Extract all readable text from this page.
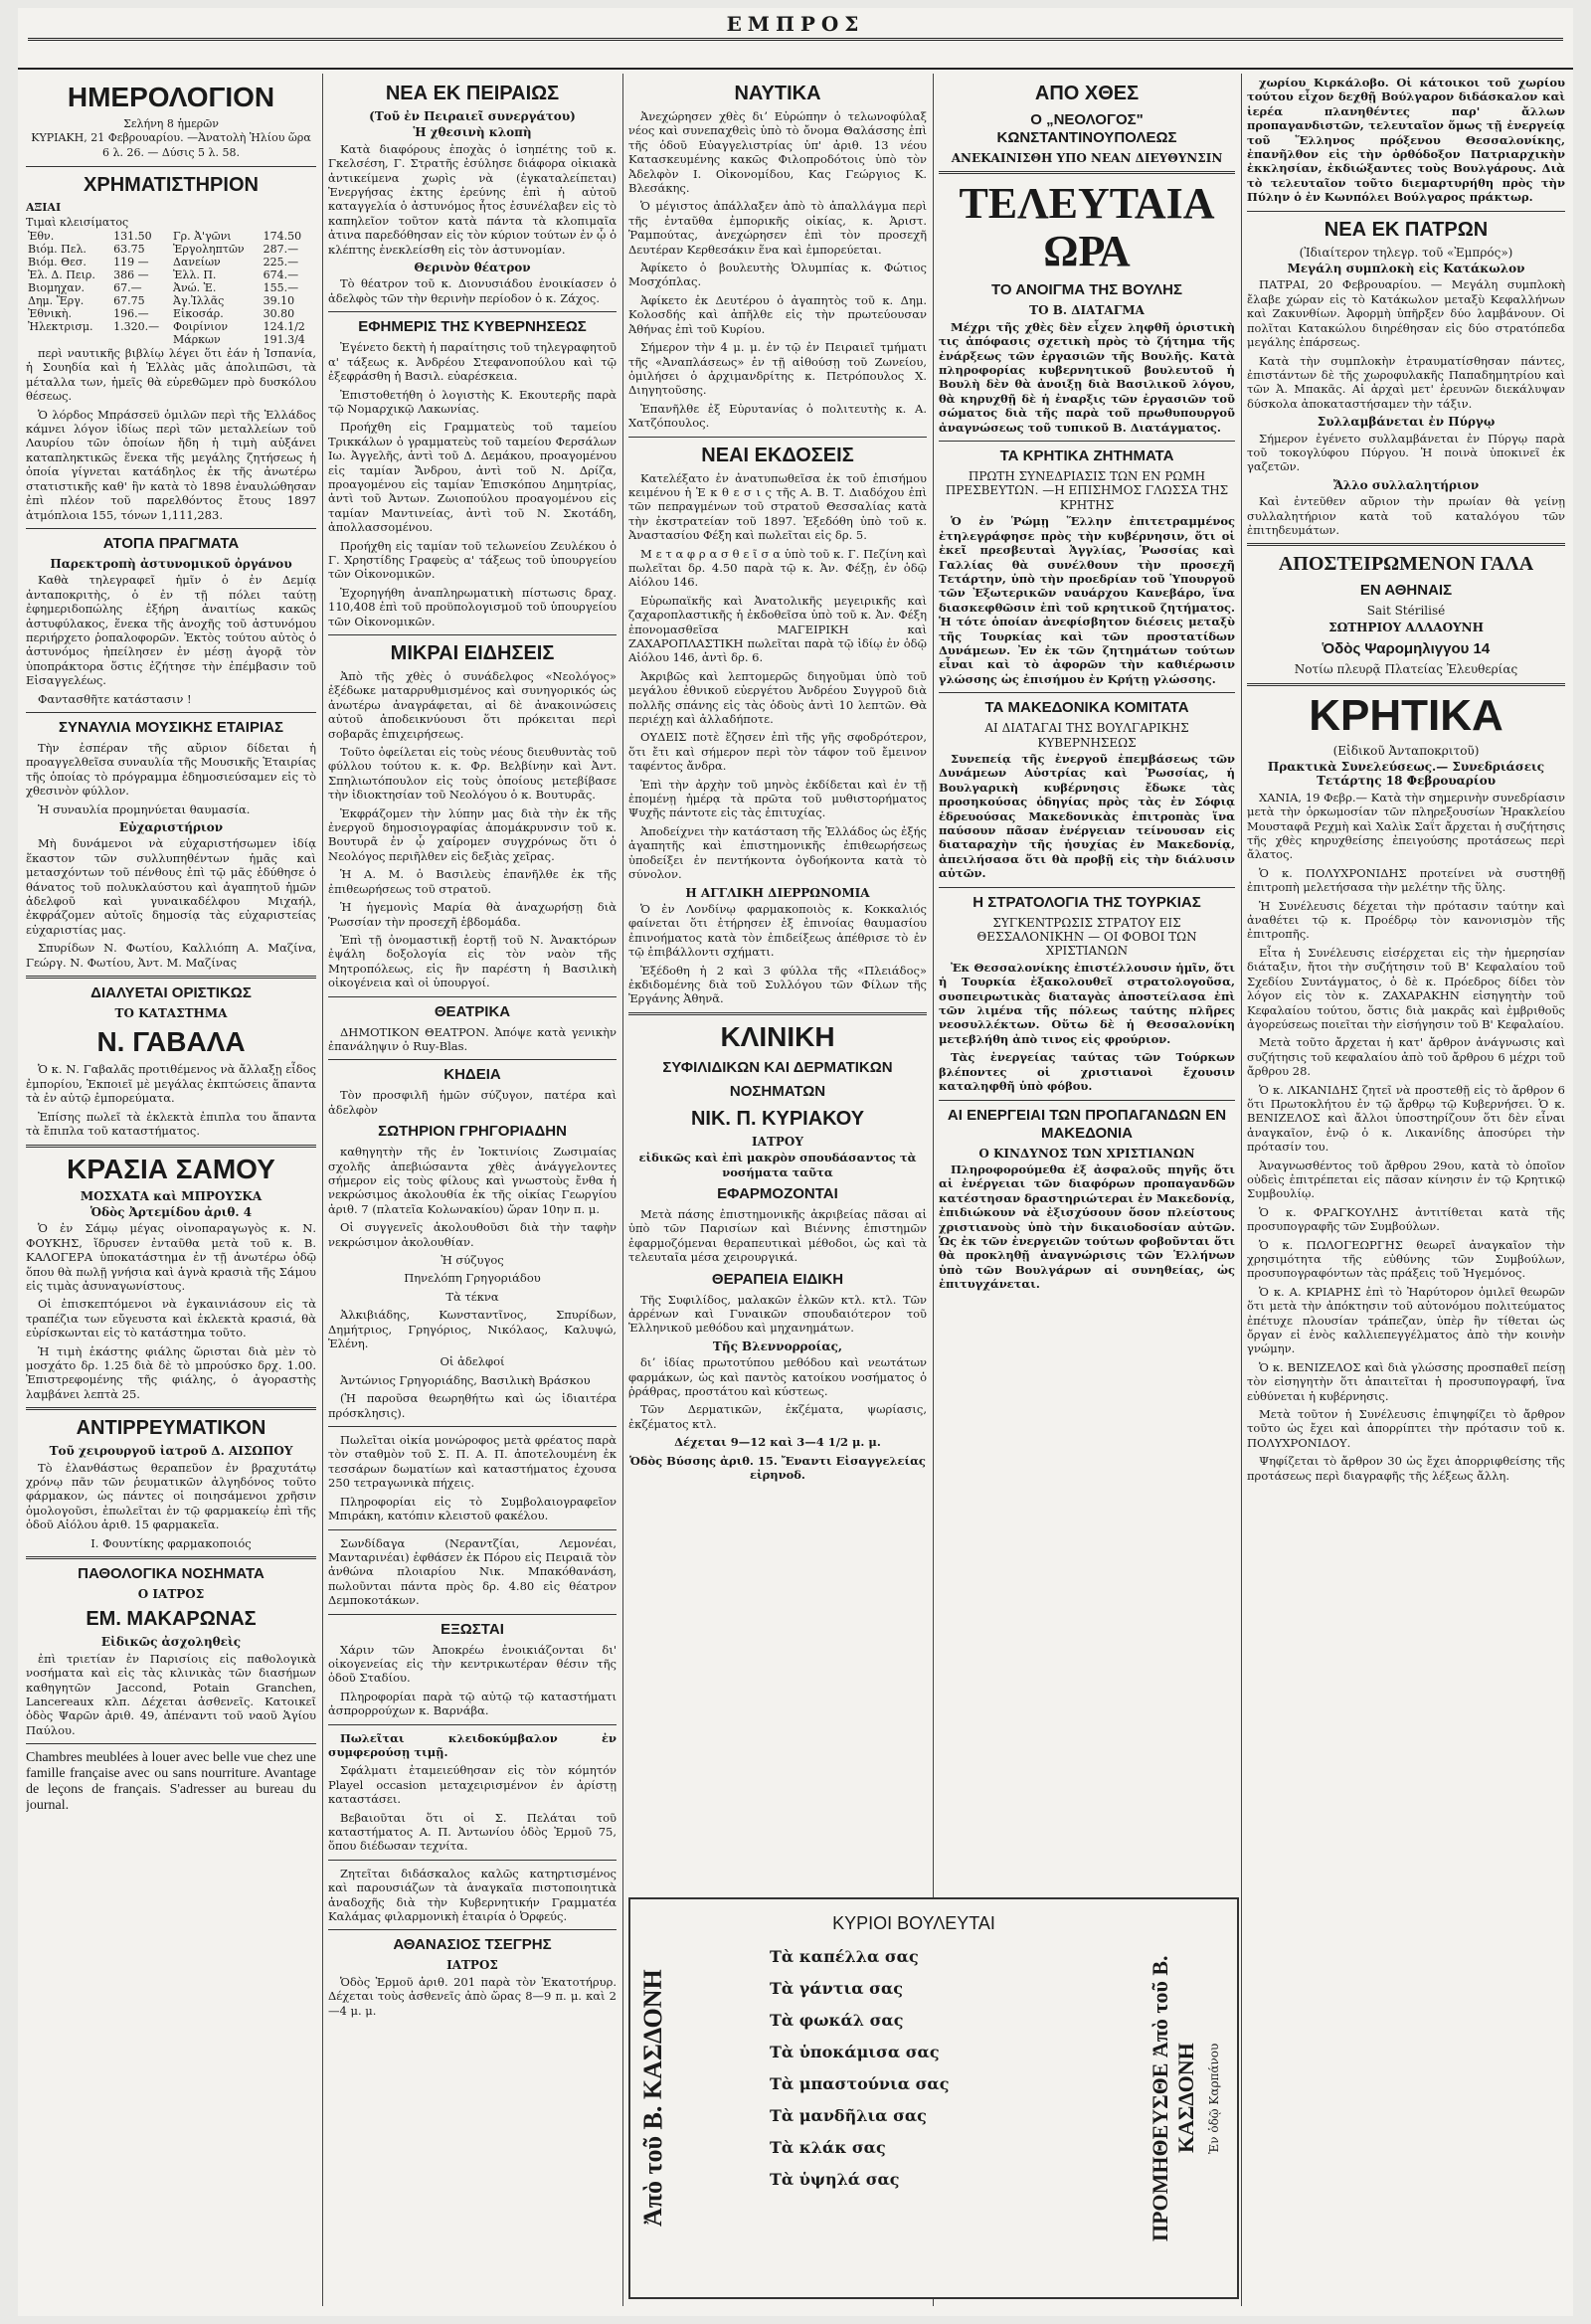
ΕΜΠΡΟΣ
ΗΜΕΡΟΛΟΓΙΟΝ
Σελήνη 8 ἡμερῶν
ΚΥΡΙΑΚΗ, 21 Φεβρουαρίου. —Ἀνατολὴ Ἡλίου ὥρα 6 λ. 26. — Δύσις 5 λ. 58.
ΧΡΗΜΑΤΙΣΤΗΡΙΟΝ
ΑΞΙΑΙ
Τιμαὶ κλεισίματος
Ἐθν.	131.50	Γρ. Ἀ'γῶνι	174.50
Βιόμ. Πελ.	63.75	Ἐργοληπτῶν	287.—
Βιόμ. Θεσ.	119 —	Δανείων	225.—
Ἐλ. Δ. Πειρ.	386 —	Ἐλλ. Π.	674.—
Βιομηχαν.	67.—	Ἀνώ. Ἑ.	155.—
Δημ. Ἔργ.	67.75	Ἀγ.Ἰλλᾶς	39.10
Ἐθνικὴ.	196.—	Εἰκοσάρ.	30.80
Ἠλεκτρισμ.	1.320.—	Φοιρίνιον	124.1/2
		Μάρκων	191.3/4

περὶ ναυτικῆς βιβλίῳ λέγει ὅτι ἐάν ἡ Ἰσπανία, ἡ Σουηδία καὶ ἡ Ἑλλὰς μᾶς ἀπολιπῶσι, τὰ μέταλλα των, ἡμεῖς θὰ εὑρεθῶμεν πρὸ δυσκόλου θέσεως.

Ὁ λόρδος Μπράσσεϋ ὁμιλῶν περὶ τῆς Ἑλλάδος κάμνει λόγον ἰδίως περὶ τῶν μεταλλείων τοῦ Λαυρίου τῶν ὁποίων ἤδη ἡ τιμὴ αὐξάνει καταπληκτικῶς ἕνεκα τῆς μεγάλης ζητήσεως ἡ ὁποία γίγνεται κατάδηλος ἐκ τῆς ἀνωτέρω στατιστικῆς καθ' ἣν κατὰ τὸ 1898 ἐναυλώθησαν ἐπὶ πλέον τοῦ παρελθόντος ἔτους 1897 ἀτμόπλοια 155, τόνων 1,111,283.

ΑΤΟΠΑ ΠΡΑΓΜΑΤΑ
Παρεκτροπὴ ἀστυνομικοῦ ὀργάνου

Καθὰ τηλεγραφεῖ ἡμῖν ὁ ἐν Δεμίᾳ ἀνταποκριτὴς, ὁ ἐν τῇ πόλει ταύτῃ ἐφημεριδοπώλης ἐξήρη ἀναιτίως κακῶς ἀστυφύλακος, ἕνεκα τῆς ἀνοχῆς τοῦ ἀστυνόμου περιήρχετο ῥοπαλοφορῶν. Ἐκτὸς τούτου αὐτὸς ὁ ἀστυνόμος ἠπείλησεν ἐν μέσῃ ἀγορᾷ τὸν ὑποπράκτορα ὅστις ἐζήτησε τὴν ἐπέμβασιν τοῦ Εἰσαγγελέως.

Φαντασθῆτε κατάστασιν !

ΣΥΝΑΥΛΙΑ ΜΟΥΣΙΚΗΣ ΕΤΑΙΡΙΑΣ

Τὴν ἑσπέραν τῆς αὔριον δίδεται ἡ προαγγελθεῖσα συναυλία τῆς Μουσικῆς Ἑταιρίας τῆς ὁποίας τὸ πρόγραμμα ἐδημοσιεύσαμεν εἰς τὸ χθεσινὸν φύλλον.

Ἡ συναυλία προμηνύεται θαυμασία.

Εὐχαριστήριον

Μὴ δυνάμενοι νὰ εὐχαριστήσωμεν ἰδίᾳ ἕκαστον τῶν συλλυπηθέντων ἡμᾶς καὶ μετασχόντων τοῦ πένθους ἐπὶ τῷ μᾶς ἐδύθησε ὁ θάνατος τοῦ πολυκλαύστου καὶ ἀγαπητοῦ ἡμῶν ἀδελφοῦ καὶ γυναικαδέλφου Μιχαήλ, ἐκφράζομεν αὐτοῖς δημοσίᾳ τὰς εὐχαριστείας εὐχαριστίας μας.

Σπυρίδων Ν. Φωτίου, Καλλιόπη Α. Μαζίνα, Γεώργ. Ν. Φωτίου, Ἀντ. Μ. Μαζίνας

ΔΙΑΛΥΕΤΑΙ ΟΡΙΣΤΙΚΩΣ
ΤΟ ΚΑΤΑΣΤΗΜΑ
Ν. ΓΑΒΑΛΑ

Ὁ κ. Ν. Γαβαλᾶς προτιθέμενος νὰ ἄλλαξῃ εἶδος ἐμπορίου, Ἐκποιεῖ μὲ μεγάλας ἐκπτώσεις ἅπαντα τὰ ἐν αὐτῷ ἐμπορεύματα.

Ἐπίσης πωλεῖ τὰ ἐκλεκτὰ ἐπιπλα του ἅπαντα τὰ ἔπιπλα τοῦ καταστήματος.

ΚΡΑΣΙΑ ΣΑΜΟΥ
ΜΟΣΧΑΤΑ καὶ ΜΠΡΟΥΣΚΑ
Ὁδὸς Ἀρτεμίδου ἀριθ. 4

Ὁ ἐν Σάμῳ μέγας οἰνοπαραγωγὸς κ. Ν. ΦΟΥΚΗΣ, ἵδρυσεν ἐνταῦθα μετὰ τοῦ κ. Β. ΚΑΛΟΓΕΡΑ ὑποκατάστημα ἐν τῇ ἀνωτέρω ὁδῷ ὅπου θὰ πωλῇ γνήσια καὶ ἁγνὰ κρασιὰ τῆς Σάμου εἰς τιμὰς ἀσυναγωνίστους.

Οἱ ἐπισκεπτόμενοι νὰ ἐγκαινιάσουν εἰς τὰ τραπέζια των εὔγευστα καὶ ἐκλεκτὰ κρασιά, θὰ εὑρίσκωνται εἰς τὸ κατάστημα τοῦτο.

Ἡ τιμὴ ἑκάστης φιάλης ὥρισται διὰ μὲν τὸ μοσχάτο δρ. 1.25 διὰ δὲ τὸ μπρούσκο δρχ. 1.00. Ἐπιστρεφομένης τῆς φιάλης, ὁ ἀγοραστὴς λαμβάνει λεπτὰ 25.

ΑΝΤΙΡΡΕΥΜΑΤΙΚΟΝ
Τοῦ χειρουργοῦ ἰατροῦ Δ. ΑΙΣΩΠΟΥ

Τὸ ἐλανθάστως θεραπεῦον ἐν βραχυτάτῳ χρόνῳ πᾶν τῶν ῥευματικῶν ἀλγηδόνος τοῦτο φάρμακον, ὡς πάντες οἱ ποιησάμενοι χρῆσιν ὁμολογοῦσι, ἐπωλεῖται ἐν τῷ φαρμακείῳ ἐπὶ τῆς ὁδοῦ Αἰόλου ἀριθ. 15 φαρμακεῖα.

Ι. Φουντίκης φαρμακοποιός

ΠΑΘΟΛΟΓΙΚΑ ΝΟΣΗΜΑΤΑ
Ο ΙΑΤΡΟΣ
ΕΜ. ΜΑΚΑΡΩΝΑΣ
Εἰδικῶς ἀσχοληθεὶς

ἐπὶ τριετίαν ἐν Παρισίοις εἰς παθολογικὰ νοσήματα καὶ εἰς τὰς κλινικὰς τῶν διασήμων καθηγητῶν Jaccond, Potain Granchen, Lancereaux κλπ. Δέχεται ἀσθενεῖς. Κατοικεῖ ὁδὸς Ψαρῶν ἀριθ. 49, ἀπέναντι τοῦ ναοῦ Ἁγίου Παύλου.

Chambres meublées à louer avec belle vue chez une famille française avec ou sans nourriture. Avantage de leçons de français. S'adresser au bureau du journal.

ΝΕΑ ΕΚ ΠΕΙΡΑΙΩΣ
(Τοῦ ἐν Πειραιεῖ συνεργάτου)
Ἡ χθεσινὴ κλοπὴ

Κατὰ διαφόρους ἐποχὰς ὁ ἰσηπέτης τοῦ κ. Γκελσέση, Γ. Στρατῆς ἐσύλησε διάφορα οἰκιακὰ ἀντικείμενα χωρὶς νὰ (ἐγκαταλείπεται) Ἐνεργήσας ἐκτης ἐρεύνης ἐπὶ ἡ αὐτοῦ καταγγελία ὁ ἀστυνόμος ἦτος ἐσυνέλαβεν εἰς τὸ καπηλεῖον τοῦτον κατὰ πάντα τὰ κλοπιμαῖα ἀτινα παρεδόθησαν εἰς τὸν κύριον τούτων ἐν ᾧ ὁ κλέπτης ἐνεκλείσθη εἰς τὸν ἀστυνομίαν.

Θερινὸν θέατρον

Τὸ θέατρον τοῦ κ. Διονυσιάδου ἐνοικίασεν ὁ ἀδελφὸς τῶν τὴν θερινὴν περίοδον ὁ κ. Ζάχος.

ΕΦΗΜΕΡΙΣ ΤΗΣ ΚΥΒΕΡΝΗΣΕΩΣ

Ἐγένετο δεκτὴ ἡ παραίτησις τοῦ τηλεγραφητοῦ α' τάξεως κ. Ἀνδρέου Στεφανοπούλου καὶ τῷ ἐξεφράσθη ἡ Βασιλ. εὐαρέσκεια.

Ἐπιστοθετήθη ὁ λογιστὴς Κ. Εκουτερῆς παρὰ τῷ Νομαρχικῷ Λακωνίας.

Προήχθη εἰς Γραμματεὺς τοῦ ταμείου Τρικκάλων ὁ γραμματεὺς τοῦ ταμείου Φερσάλων Ιω. Ἀγγελῆς, ἀντὶ τοῦ Δ. Δεμάκου, προαγομένου εἰς ταμίαν Ἄνδρου, ἀντὶ τοῦ Ν. Δρίζα, προαγομένου εἰς ταμίαν Ἐπισκόπου Δημητρίας, ἀντὶ τοῦ Ἀντων. Ζωιοπούλου προαγομένου εἰς ταμίαν Μαντινείας, ἀντὶ τοῦ Ν. Σκοτάδη, ἀπολλασσομένου.

Προήχθη εἰς ταμίαν τοῦ τελωνείου Ζευλέκου ὁ Γ. Χρηστίδης Γραφεὺς α' τάξεως τοῦ ὑπουργείου τῶν Οἰκονομικῶν.

Ἐχορηγήθη ἀναπληρωματικὴ πίστωσις δραχ. 110,408 ἐπὶ τοῦ προϋπολογισμοῦ τοῦ ὑπουργείου τῶν Οἰκονομικῶν.

ΜΙΚΡΑΙ ΕΙΔΗΣΕΙΣ

Ἀπὸ τῆς χθὲς ὁ συνάδελφος «Νεολόγος» ἐξέδωκε ματαρρυθμισμένος καὶ συνηγορικός ὡς ἀνωτέρω ἀναγράφεται, αἱ δὲ ἀνακοινώσεις αὐτοῦ ἀποδεικνύουσι ὅτι πρόκειται περὶ σοβαρᾶς ἐπιχειρήσεως.

Τοῦτο ὀφείλεται εἰς τοὺς νέους διευθυντὰς τοῦ φύλλου τούτου κ. κ. Φρ. Βελβίνην καὶ Ἀντ. Σπηλιωτόπουλον εἰς τοὺς ὁποίους μετεβίβασε τὴν ἰδιοκτησίαν τοῦ Νεολόγου ὁ κ. Βουτυρᾶς.

Ἐκφράζομεν τὴν λύπην μας διὰ τὴν ἐκ τῆς ἐνεργοῦ δημοσιογραφίας ἀπομάκρυνσιν τοῦ κ. Βουτυρᾶ ἐν ᾧ χαίρομεν συγχρόνως ὅτι ὁ Νεολόγος περιῆλθεν εἰς δεξιὰς χεῖρας.

Ἡ Α. Μ. ὁ Βασιλεὺς ἐπανῆλθε ἐκ τῆς ἐπιθεωρήσεως τοῦ στρατοῦ.

Ἡ ἡγεμονὶς Μαρία θὰ ἀναχωρήσῃ διὰ Ῥωσσίαν τὴν προσεχῆ ἑβδομάδα.

Ἐπὶ τῇ ὀνομαστικῇ ἑορτῇ τοῦ Ν. Ἀνακτόρων ἐψάλη δοξολογία εἰς τὸν ναὸν τῆς Μητροπόλεως, εἰς ἣν παρέστη ἡ Βασιλικὴ οἰκογένεια καὶ οἱ ὑπουργοί.

ΘΕΑΤΡΙΚΑ

ΔΗΜΟΤΙΚΟΝ ΘΕΑΤΡΟΝ. Ἀπόψε κατὰ γενικὴν ἐπανάληψιν ὁ Ruy-Blas.

ΚΗΔΕΙΑ

Τὸν προσφιλῆ ἡμῶν σύζυγον, πατέρα καὶ ἀδελφὸν

ΣΩΤΗΡΙΟΝ ΓΡΗΓΟΡΙΑΔΗΝ

καθηγητὴν τῆς ἐν Ἰοκτινίοις Ζωσιμαίας σχολῆς ἀπεβιώσαντα χθὲς ἀνάγγελοντες σήμερον εἰς τοὺς φίλους καὶ γνωστοὺς ἔνθα ἡ νεκρώσιμος ἀκολουθία ἐκ τῆς οἰκίας Γεωργίου ἀριθ. 7 (πλατεῖα Κολωνακίου) ὥραν 10ην π. μ.

Οἱ συγγενεῖς ἀκολουθοῦσι διὰ τὴν ταφὴν νεκρώσιμον ἀκολουθίαν.

Ἡ σύζυγος

Πηνελόπη Γρηγοριάδου

Τὰ τέκνα

Ἀλκιβιάδης, Κωνσταντῖνος, Σπυρίδων, Δημήτριος, Γρηγόριος, Νικόλαος, Καλυψώ, Ἑλένη.

Οἱ ἀδελφοί

Ἀντώνιος Γρηγοριάδης, Βασιλικὴ Βράσκου

(Ἡ παροῦσα θεωρηθήτω καὶ ὡς ἰδιαιτέρα πρόσκλησις).

Πωλεῖται οἰκία μονώροφος μετὰ φρέατος παρὰ τὸν σταθμὸν τοῦ Σ. Π. Α. Π. ἀποτελουμένη ἐκ τεσσάρων δωματίων καὶ καταστήματος ἐχουσα 250 τετραγωνικὰ πήχεις.

Πληροφορίαι εἰς τὸ Συμβολαιογραφεῖον Μπιράκη, κατόπιν κλειστοῦ φακέλου.

Σωνδίδαγα (Νεραντζίαι, Λεμονέαι, Μανταρινέαι) ἐφθάσεν ἐκ Πόρου εἰς Πειραιᾶ τὸν ἀνθώνα πλοιαρίου Νικ. Μπακόθανάση, πωλοῦνται πάντα πρὸς δρ. 4.80 εἰς θέατρον Δεμποκοτάκων.

ΕΞΩΣΤΑΙ

Χάριν τῶν Ἀποκρέω ἐνοικιάζονται δι' οἰκογενείας εἰς τὴν κεντρικωτέραν θέσιν τῆς ὁδοῦ Σταδίου.

Πληροφορίαι παρὰ τῷ αὐτῷ τῷ καταστήματι ἀσπρορρούχων κ. Βαρνάβα.

Πωλεῖται κλειδοκύμβαλον ἐν συμφερούσῃ τιμῇ.

Σφάλματι ἐταμειεύθησαν εἰς τὸν κόμητόν Playel occasion μεταχειρισμένον ἐν ἀρίστῃ καταστάσει.

Βεβαιοῦται ὅτι οἱ Σ. Πελάται τοῦ καταστήματος Α. Π. Ἀντωνίου ὁδὸς Ἑρμοῦ 75, ὅπου διέδωσαν τεχνίτα.

Ζητεῖται διδάσκαλος καλῶς κατηρτισμένος καὶ παρουσιάζων τὰ ἀναγκαῖα πιστοποιητικὰ ἀναδοχῆς διὰ τὴν Κυβερνητικήν Γραμματέα Καλάμας φιλαρμονικὴ ἑταιρία ὁ Ὀρφεύς.

ΑΘΑΝΑΣΙΟΣ ΤΣΕΓΡΗΣ
ΙΑΤΡΟΣ

Ὁδὸς Ἑρμοῦ ἀριθ. 201 παρὰ τὸν Ἑκατοτήρυρ. Δέχεται τοὺς ἀσθενεῖς ἀπὸ ὥρας 8—9 π. μ. καὶ 2—4 μ. μ.

ΝΑΥΤΙΚΑ

Ἀνεχώρησεν χθὲς διʼ Εὐρώπην ὁ τελωνοφύλαξ νέος καὶ συνεπαχθεὶς ὑπὸ τὸ ὄνομα Θαλάσσης ἐπὶ τῆς ὁδοῦ Εὐαγγελιστρίας ὑπ' ἀριθ. 13 νέου Κατασκευμένης κακῶς Φιλοπροδότοις ὑπὸ τὸν Ἀδελφὸν Ι. Οἰκονομίδου, Κας Γεώργιος Κ. Βλεσάκης.

Ὁ μέγιστος ἀπάλλαξεν ἀπὸ τὸ ἀπαλλάγμα περὶ τῆς ἐνταῦθα ἐμπορικῆς οἰκίας, κ. Ἀριστ. Ῥαμπούτας, ἀνεχώρησεν ἐπὶ τὸν προσεχῆ Δευτέραν Κερθεσάκιν ἕνα καὶ ἐμπορεύεται.

Ἀφίκετο ὁ βουλευτὴς Ὀλυμπίας κ. Φώτιος Μοσχόπλας.

Ἀφίκετο ἐκ Δευτέρου ὁ ἀγαπητὸς τοῦ κ. Δημ. Κολοσδής καὶ ἀπῆλθε εἰς τὴν πρωτεύουσαν Ἀθήνας ἐπὶ τοῦ Κυρίου.

Σήμερον τὴν 4 μ. μ. ἐν τῷ ἐν Πειραιεῖ τμήματι τῆς «Ἀναπλάσεως» ἐν τῇ αἰθούσῃ τοῦ Ζωνείου, ὁμιλήσει ὁ ἀρχιμανδρίτης κ. Πετρόπουλος Χ. Διηγητοῦσης.

Ἐπανῆλθε ἐξ Εὐρυτανίας ὁ πολιτευτὴς κ. Α. Χατζόπουλος.

ΝΕΑΙ ΕΚΔΟΣΕΙΣ

Κατελέξατο ἐν ἀνατυπωθεῖσα ἐκ τοῦ ἐπισήμου κειμένου ἡ Ἑ κ θ ε σ ι ς τῆς Α. Β. Τ. Διαδόχου ἐπὶ τῶν πεπραγμένων τοῦ στρατοῦ Θεσσαλίας κατὰ τὴν ἐκστρατείαν τοῦ 1897. Ἐξεδόθη ὑπὸ τοῦ κ. Ἀναστασίου Φέξη καὶ πωλεῖται εἰς δρ. 5.

Μ ε τ α φ ρ α σ θ ε ῖ σ α ὑπὸ τοῦ κ. Γ. Πεζίνη καὶ πωλεῖται δρ. 4.50 παρὰ τῷ κ. Ἀν. Φέξῃ, ἐν ὁδῷ Αἰόλου 146.

Εὑρωπαϊκῆς καὶ Ἀνατολικῆς μεγειρικῆς καὶ ζαχαροπλαστικῆς ἡ ἐκδοθεῖσα ὑπὸ τοῦ κ. Ἀν. Φέξη ἐπονομασθεῖσα ΜΑΓΕΙΡΙΚΗ καὶ ΖΑΧΑΡΟΠΛΑΣΤΙΚΗ πωλεῖται παρὰ τῷ ἰδίῳ ἐν ὁδῷ Αἰόλου 146, ἀντὶ δρ. 6.

Ἀκριβῶς καὶ λεπτομερῶς διηγοῦμαι ὑπὸ τοῦ μεγάλου ἐθνικοῦ εὐεργέτου Ἀνδρέου Συγγροῦ διὰ πολλῆς σπάνης εἰς τὰς ὁδοὺς ἀντὶ 10 λεπτῶν. Θὰ περιέχῃ καὶ ἀλλαδήποτε.

ΟΥΔΕΙΣ ποτὲ ἔζησεν ἐπὶ τῆς γῆς σφοδρότερον, ὅτι ἔτι καὶ σήμερον περὶ τὸν τάφον τοῦ ἔμεινον ταφέντος ἄνδρα.

Ἐπὶ τὴν ἀρχὴν τοῦ μηνὸς ἐκδίδεται καὶ ἐν τῇ ἐπομένῃ ἡμέρᾳ τὰ πρῶτα τοῦ μυθιστορήματος Ψυχῆς πάντοτε εἰς τὰς ἐπιτυχίας.

Ἀποδείχνει τὴν κατάσταση τῆς Ἑλλάδος ὡς ἐξής ἀγαπητῆς καὶ ἐπιστημονικῆς ἐπιθεωρήσεως ὑποδείξει ἐν πεντήκοντα ὀγδοήκοντα κατὰ τὸ σύνολον.

Η ΑΓΓΛΙΚΗ ΔΙΕΡΡΩΝΟΜΙΑ

Ὁ ἐν Λονδίνῳ φαρμακοποιὸς κ. Κοκκαλιός φαίνεται ὅτι ἐτήρησεν ἐξ ἐπινοίας θαυμασίου ἐπινοήματος κατὰ τὸν ἐπιδείξεως ἀπέθρισε τὸ ἐν τῷ ἐπιβάλλοντι σχήματι.

Ἐξέδοθη ἡ 2 καὶ 3 φύλλα τῆς «Πλειάδος» ἐκδιδομένης διὰ τοῦ Συλλόγου τῶν Φίλων τῆς Ἐργάνης Ἀθηνᾶ.

ΚΛΙΝΙΚΗ
ΣΥΦΙΛΙΔΙΚΩΝ ΚΑΙ ΔΕΡΜΑΤΙΚΩΝ
ΝΟΣΗΜΑΤΩΝ
ΝΙΚ. Π. ΚΥΡΙΑΚΟΥ
ΙΑΤΡΟΥ

εἰδικῶς καὶ ἐπὶ μακρὸν σπουδάσαντος τὰ νοσήματα ταῦτα

ΕΦΑΡΜΟΖΟΝΤΑΙ

Μετὰ πάσης ἐπιστημονικῆς ἀκριβείας πᾶσαι αἱ ὑπὸ τῶν Παρισίων καὶ Βιέννης ἐπιστημῶν ἐφαρμοζόμεναι θεραπευτικαὶ μέθοδοι, ὡς καὶ τὰ τελευταῖα μέσα χειρουργικά.

ΘΕΡΑΠΕΙΑ ΕΙΔΙΚΗ

Τῆς Συφιλίδος, μαλακῶν ἑλκῶν κτλ. κτλ. Τῶν ἀρρένων καὶ Γυναικῶν σπουδαιότερον τοῦ Ἑλληνικοῦ μεθόδου καὶ μηχανημάτων.

Τῆς Βλεννορροίας,

διʼ ἰδίας πρωτοτύπου μεθόδου καὶ νεωτάτων φαρμάκων, ὡς καὶ παντὸς κατοίκου νοσήματος ὁ ῥράθρας, προστάτου καὶ κύστεως.

Τῶν Δερματικῶν, ἐκζέματα, ψωρίασις, ἐκζέματος κτλ.

Δέχεται 9—12 καὶ 3—4 1/2 μ. μ.

Ὁδὸς Βύσσης ἀριθ. 15. Ἔναντι Εἰσαγγελείας εἰρηνοδ.

ΑΠΟ ΧΘΕΣ
Ο „ΝΕΟΛΟΓΟΣ" ΚΩΝΣΤΑΝΤΙΝΟΥΠΟΛΕΩΣ
ΑΝΕΚΑΙΝΙΣΘΗ ΥΠΟ ΝΕΑΝ ΔΙΕΥΘΥΝΣΙΝ
ΤΕΛΕΥΤΑΙΑ ΩΡΑ
ΤΟ ΑΝΟΙΓΜΑ ΤΗΣ ΒΟΥΛΗΣ
ΤΟ Β. ΔΙΑΤΑΓΜΑ

Μέχρι τῆς χθὲς δὲν εἶχεν ληφθῆ ὁριστικὴ τις ἀπόφασις σχετικὴ πρὸς τὸ ζήτημα τῆς ἐνάρξεως τῶν ἐργασιῶν τῆς Βουλῆς. Κατὰ πληροφορίας κυβερνητικοῦ βουλευτοῦ ἡ Βουλὴ δὲν θὰ ἀνοιξῃ διὰ Βασιλικοῦ λόγου, θὰ κηρυχθῇ δὲ ἡ ἐναρξις τῶν ἐργασιῶν τοῦ σώματος διὰ τῆς παρὰ τοῦ πρωθυπουργοῦ ἀναγνώσεως τοῦ τυπικοῦ Β. Διατάγματος.

ΤΑ ΚΡΗΤΙΚΑ ΖΗΤΗΜΑΤΑ
ΠΡΩΤΗ ΣΥΝΕΔΡΙΑΣΙΣ ΤΩΝ ΕΝ ΡΩΜΗ ΠΡΕΣΒΕΥΤΩΝ. —Η ΕΠΙΣΗΜΟΣ ΓΛΩΣΣΑ ΤΗΣ ΚΡΗΤΗΣ

Ὁ ἐν Ῥώμῃ Ἕλλην ἐπιτετραμμένος ἐτηλεγράφησε πρὸς τὴν κυβέρνησιν, ὅτι οἱ ἐκεῖ πρεσβευταὶ Ἀγγλίας, Ῥωσσίας καὶ Γαλλίας θὰ συνέλθουν τὴν προσεχῆ Τετάρτην, ὑπὸ τὴν προεδρίαν τοῦ Ὑπουργοῦ τῶν Ἐξωτερικῶν ναυάρχου Κανεβάρο, ἵνα διασκεφθῶσιν ἐπὶ τοῦ κρητικοῦ ζητήματος. Ἡ τότε ὁποίαν ἀνεφίσβητον διέσεις μεταξὺ τῆς Τουρκίας καὶ τῶν προστατίδων Δυνάμεων. Ἐν ἐκ τῶν ζητημάτων τούτων εἶναι καὶ τὸ ἀφορῶν τὴν καθιέρωσιν γλώσσης ὡς ἐπισήμου ἐν Κρήτῃ γλώσσης.

ΤΑ ΜΑΚΕΔΟΝΙΚΑ ΚΟΜΙΤΑΤΑ
ΑΙ ΔΙΑΤΑΓΑΙ ΤΗΣ ΒΟΥΛΓΑΡΙΚΗΣ ΚΥΒΕΡΝΗΣΕΩΣ

Συνεπείᾳ τῆς ἐνεργοῦ ἐπεμβάσεως τῶν Δυνάμεων Αὐστρίας καὶ Ῥωσσίας, ἡ Βουλγαρικὴ κυβέρνησις ἔδωκε τὰς προσηκούσας ὁδηγίας πρὸς τὰς ἐν Σόφιᾳ ἑδρευούσας Μακεδονικὰς ἐπιτροπὰς ἵνα παύσουν πᾶσαν ἐνέργειαν τείνουσαν εἰς διαταραχὴν τῆς ἡσυχίας ἐν Μακεδονίᾳ, ἀπειλήσασα ὅτι θὰ προβῇ εἰς τὴν διάλυσιν αὐτῶν.

Η ΣΤΡΑΤΟΛΟΓΙΑ ΤΗΣ ΤΟΥΡΚΙΑΣ
ΣΥΓΚΕΝΤΡΩΣΙΣ ΣΤΡΑΤΟΥ ΕΙΣ ΘΕΣΣΑΛΟΝΙΚΗΝ — ΟΙ ΦΟΒΟΙ ΤΩΝ ΧΡΙΣΤΙΑΝΩΝ

Ἐκ Θεσσαλονίκης ἐπιστέλλουσιν ἡμῖν, ὅτι ἡ Τουρκία ἐξακολουθεῖ στρατολογοῦσα, συσπειρωτικὰς διαταγὰς ἀποστείλασα ἐπὶ τῶν λιμένα τῆς πόλεως ταύτης πλῆρες νεοσυλλέκτων. Οὕτω δὲ ἡ Θεσσαλονίκη μετεβλήθη ἀπὸ τινος εἰς φρούριον.

Τὰς ἐνεργείας ταύτας τῶν Τούρκων βλέποντες οἱ χριστιανοὶ ἔχουσιν καταληφθῆ ὑπὸ φόβου.

ΑΙ ΕΝΕΡΓΕΙΑΙ ΤΩΝ ΠΡΟΠΑΓΑΝΔΩΝ ΕΝ ΜΑΚΕΔΟΝΙΑ
Ο ΚΙΝΔΥΝΟΣ ΤΩΝ ΧΡΙΣΤΙΑΝΩΝ

Πληροφορούμεθα ἐξ ἀσφαλοῦς πηγῆς ὅτι αἱ ἐνέργειαι τῶν διαφόρων προπαγανδῶν κατέστησαν δραστηριώτεραι ἐν Μακεδονίᾳ, ἐπιδιώκουν νὰ ἐξισχύσουν ὅσον πλείστους χριστιανοὺς ὑπὸ τὴν δικαιοδοσίαν αὐτῶν. Ὡς ἐκ τῶν ἐνεργειῶν τούτων φοβοῦνται ὅτι θὰ προκληθῇ ἀναγνώρισις τῶν Ἑλλήνων ὑπὸ τῶν Βουλγάρων αἱ συνηθείας, ὡς ἐπιτυγχάνεται.

χωρίου Κιρκάλοβο. Οἱ κάτοικοι τοῦ χωρίου τούτου εἶχον δεχθῇ Βούλγαρον διδάσκαλον καὶ ἱερέα πλανηθέντες παρ' ἄλλων προπαγανδιστῶν, τελευταῖον ὅμως τῇ ἐνεργείᾳ τοῦ Ἕλληνος πρόξενου Θεσσαλονίκης, ἐπανῆλθον εἰς τὴν ὀρθόδοξον Πατριαρχικὴν ἐκκλησίαν, ἐκδιώξαντες τοὺς Βουλγάρους. Διὰ τὸ τελευταῖον τοῦτο διεμαρτυρήθη πρὸς τὴν Πύλην ὁ ἐν Κωνπόλει Βούλγαρος πράκτωρ.

ΝΕΑ ΕΚ ΠΑΤΡΩΝ
(Ἰδιαίτερον τηλεγρ. τοῦ «Ἐμπρός»)
Μεγάλη συμπλοκὴ εἰς Κατάκωλον

ΠΑΤΡΑΙ, 20 Φεβρουαρίου. — Μεγάλη συμπλοκὴ ἔλαβε χώραν εἰς τὸ Κατάκωλον μεταξὺ Κεφαλλήνων καὶ Ζακυνθίων. Ἀφορμὴ ὑπῆρξεν δύο λαμβάνουν. Οἱ πολῖται Κατακώλου διηρέθησαν εἰς δύο στρατόπεδα μεγάλης ἐπάρσεως.

Κατὰ τὴν συμπλοκὴν ἐτραυματίσθησαν πάντες, ἐπιστάντων δὲ τῆς χωροφυλακῆς Παπαδημητρίου καὶ τῶν Ἀ. Μπακᾶς. Αἱ ἀρχαὶ μετ' ἐρευνῶν διεκάλυψαν δύσκολα ἀποκαταστήσαμεν τὴν τάξιν.

Συλλαμβάνεται ἐν Πύργῳ

Σήμερον ἐγένετο συλλαμβάνεται ἐν Πύργῳ παρὰ τοῦ τοκογλύφου Πύργου. Ἡ ποινὰ ὑποκινεῖ ἐκ γαζετῶν.

Ἄλλο συλλαλητήριον

Καὶ ἐντεῦθεν αὔριον τὴν πρωίαν θὰ γείνῃ συλλαλητήριον κατὰ τοῦ καταλόγου τῶν ἐπιτηδευμάτων.

ΑΠΟΣΤΕΙΡΩΜΕΝΟΝ ΓΑΛΑ
ΕΝ ΑΘΗΝΑΙΣ
Sait Stérilisé
ΣΩΤΗΡΙΟΥ ΑΛΛΑΟΥΝΗ
Ὁδὸς Ψαρομηλιγγου 14
Νοτίω πλευρᾷ Πλατείας Ἐλευθερίας
ΚΡΗΤΙΚΑ
(Εἰδικοῦ Ἀνταποκριτοῦ)
Πρακτικὰ Συνελεύσεως.— Συνεδριάσεις Τετάρτης 18 Φεβρουαρίου

ΧΑΝΙΑ, 19 Φεβρ.— Κατὰ τὴν σημερινὴν συνεδρίασιν μετὰ τὴν ὁρκωμοσίαν τῶν πληρεξουσίων Ἡρακλείου Μουσταφᾶ Ρεχμὴ καὶ Χαλὶκ Σαΐτ ἄρχεται ἡ συζήτησις τῆς χθὲς κηρυχθείσης ἐπειγούσης προτάσεως περὶ ἄλατος.

Ὁ κ. ΠΟΛΥΧΡΟΝΙΔΗΣ προτείνει νὰ συστηθῇ ἐπιτροπὴ μελετήσασα τὴν μελέτην τῆς ὕλης.

Ἡ Συνέλευσις δέχεται τὴν πρότασιν ταύτην καὶ ἀναθέτει τῷ κ. Προέδρῳ τὸν κανονισμὸν τῆς ἐπιτροπῆς.

Εἶτα ἡ Συνέλευσις εἰσέρχεται εἰς τὴν ἡμερησίαν διάταξιν, ἤτοι τὴν συζήτησιν τοῦ Β' Κεφαλαίου τοῦ Σχεδίου Συντάγματος, ὁ δὲ κ. Πρόεδρος δίδει τὸν λόγον εἰς τὸν κ. ΖΑΧΑΡΑΚΗΝ εἰσηγητὴν τοῦ Κεφαλαίου τούτου, ὅστις διὰ μακρᾶς καὶ ἐμβριθοῦς ἀγορεύσεως ποιεῖται τὴν εἰσήγησιν τοῦ Β' Κεφαλαίου.

Μετὰ τοῦτο ἄρχεται ἡ κατ' ἄρθρον ἀνάγνωσις καὶ συζήτησις τοῦ κεφαλαίου ἀπὸ τοῦ ἄρθρου 6 μέχρι τοῦ ἄρθρου 28.

Ὁ κ. ΛΙΚΑΝΙΔΗΣ ζητεῖ νὰ προστεθῇ εἰς τὸ ἄρθρον 6 ὅτι Πρωτοκλήτου ἐν τῷ ἄρθρῳ τῷ Κυβερνήσει. Ὁ κ. ΒΕΝΙΖΕΛΟΣ καὶ ἄλλοι ὑποστηρίζουν ὅτι δὲν εἶναι ἀναγκαῖον, ἐνῷ ὁ κ. Λικανίδης ἀποσύρει τὴν πρότασίν του.

Ἀναγνωσθέντος τοῦ ἄρθρου 29ου, κατὰ τὸ ὁποῖον οὐδεὶς ἐπιτρέπεται εἰς πᾶσαν κίνησιν ἐν τῷ Κρητικῷ Συμβουλίῳ.

Ὁ κ. ΦΡΑΓΚΟΥΛΗΣ ἀντιτίθεται κατὰ τῆς προσυπογραφῆς τῶν Συμβούλων.

Ὁ κ. ΠΩΛΟΓΕΩΡΓΗΣ θεωρεῖ ἀναγκαῖον τὴν χρησιμότητα τῆς εὐθύνης τῶν Συμβούλων, προσυπογραφόντων τὰς πράξεις τοῦ Ἡγεμόνος.

Ὁ κ. Α. ΚΡΙΑΡΗΣ ἐπὶ τὸ Ἠαρύτορον ὁμιλεῖ θεωρῶν ὅτι μετὰ τὴν ἀπόκτησιν τοῦ αὐτονόμου πολιτεύματος ἐπέτυχε πλουσίαν τράπεζαν, ὑπὲρ ἣν τίθεται ὡς ὄργαν εἰ ἐνὸς καλλιεπεγγέλματος ἀπὸ τὴν κοινὴν γνώμην.

Ὁ κ. ΒΕΝΙΖΕΛΟΣ καὶ διὰ γλώσσης προσπαθεῖ πείσῃ τὸν εἰσηγητὴν ὅτι ἀπαιτεῖται ἡ προσυπογραφή, ἵνα εὐθύνεται ἡ κυβέρνησις.

Μετὰ τοῦτον ἡ Συνέλευσις ἐπιψηφίζει τὸ ἄρθρον τοῦτο ὡς ἔχει καὶ ἀπορρίπτει τὴν πρότασιν τοῦ κ. ΠΟΛΥΧΡΟΝΙΔΟΥ.

Ψηφίζεται τὸ ἄρθρον 30 ὡς ἔχει ἀπορριφθείσης τῆς προτάσεως περὶ διαγραφῆς τῆς λέξεως ἄλλη.

Ἀπὸ τοῦ Β. ΚΑΣΔΟΝΗ
ΚΥΡΙΟΙ ΒΟΥΛΕΥΤΑΙ
Τὰ καπέλλα σας
Τὰ γάντια σας
Τὰ φωκάλ σας
Τὰ ὑποκάμισα σας
Τὰ μπαστούνια σας
Τὰ μανδῆλια σας
Τὰ κλάκ σας
Τὰ ὑψηλά σας	ΠΡΟΜΗΘΕΥΣΘΕ Ἀπὸ τοῦ Β. ΚΑΣΔΟΝΗ Ἐν ὁδῷ Καρπάνου
